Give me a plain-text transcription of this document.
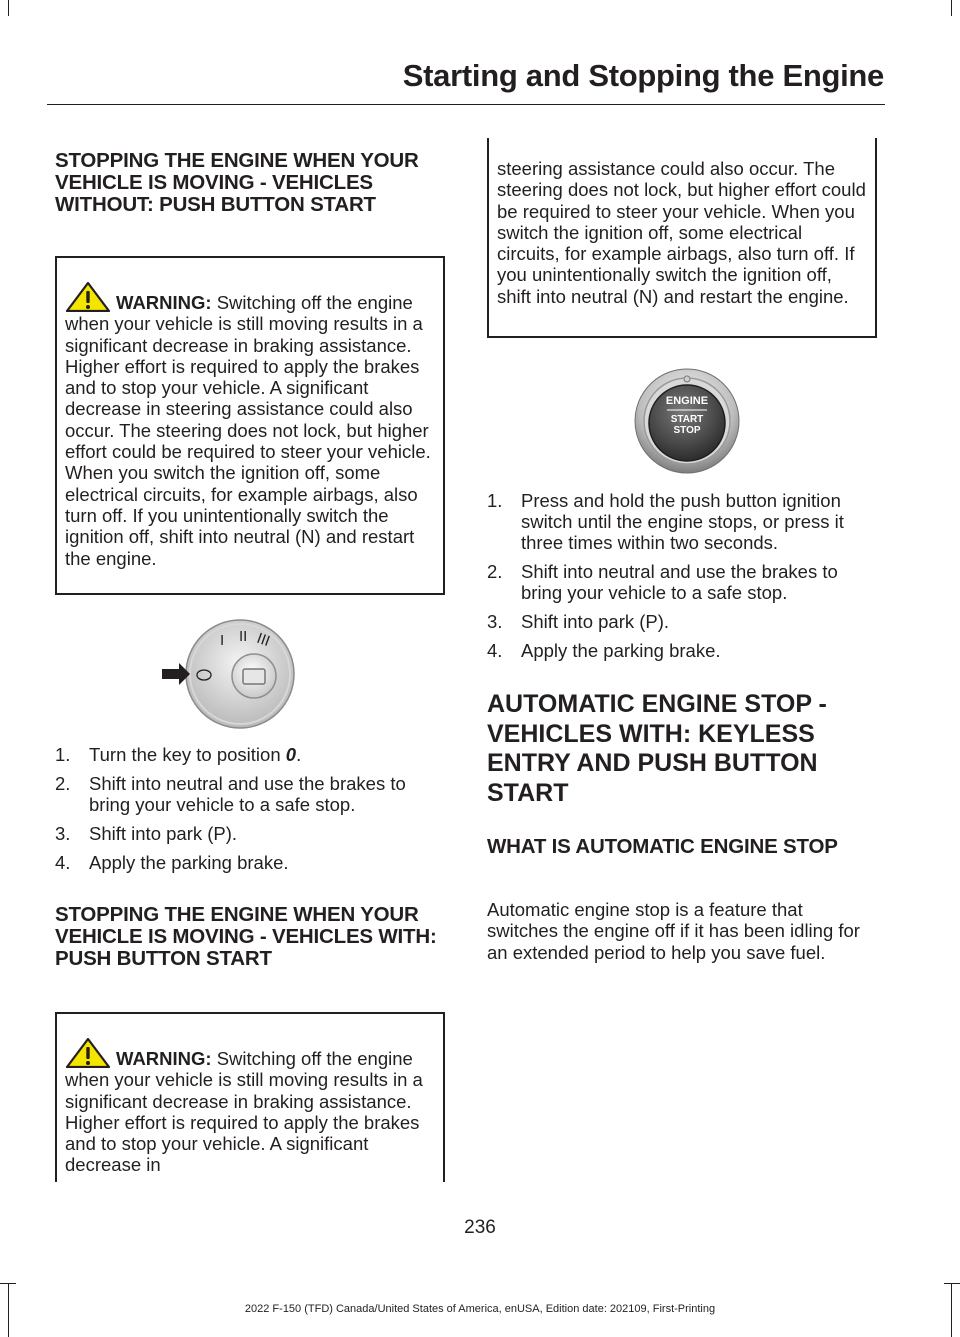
Starting and Stopping the Engine
STOPPING THE ENGINE WHEN YOUR VEHICLE IS MOVING - VEHICLES WITHOUT: PUSH BUTTON START
WARNING: Switching off the engine when your vehicle is still moving results in a significant decrease in braking assistance. Higher effort is required to apply the brakes and to stop your vehicle. A significant decrease in steering assistance could also occur. The steering does not lock, but higher effort could be required to steer your vehicle. When you switch the ignition off, some electrical circuits, for example airbags, also turn off. If you unintentionally switch the ignition off, shift into neutral (N) and restart the engine.
I II III
1. Turn the key to position 0.
2. Shift into neutral and use the brakes to bring your vehicle to a safe stop.
3. Shift into park (P).
4. Apply the parking brake.
STOPPING THE ENGINE WHEN YOUR VEHICLE IS MOVING - VEHICLES WITH: PUSH BUTTON START
WARNING: Switching off the engine when your vehicle is still moving results in a significant decrease in braking assistance. Higher effort is required to apply the brakes and to stop your vehicle. A significant decrease in
steering assistance could also occur. The steering does not lock, but higher effort could be required to steer your vehicle. When you switch the ignition off, some electrical circuits, for example airbags, also turn off. If you unintentionally switch the ignition off, shift into neutral (N) and restart the engine.
ENGINE
START
STOP
1. Press and hold the push button ignition switch until the engine stops, or press it three times within two seconds.
2. Shift into neutral and use the brakes to bring your vehicle to a safe stop.
3. Shift into park (P).
4. Apply the parking brake.
AUTOMATIC ENGINE STOP -
VEHICLES WITH: KEYLESS
ENTRY AND PUSH BUTTON
START
WHAT IS AUTOMATIC ENGINE STOP
Automatic engine stop is a feature that switches the engine off if it has been idling for an extended period to help you save fuel.
236
2022 F-150 (TFD) Canada/United States of America, enUSA, Edition date: 202109, First-Printing
